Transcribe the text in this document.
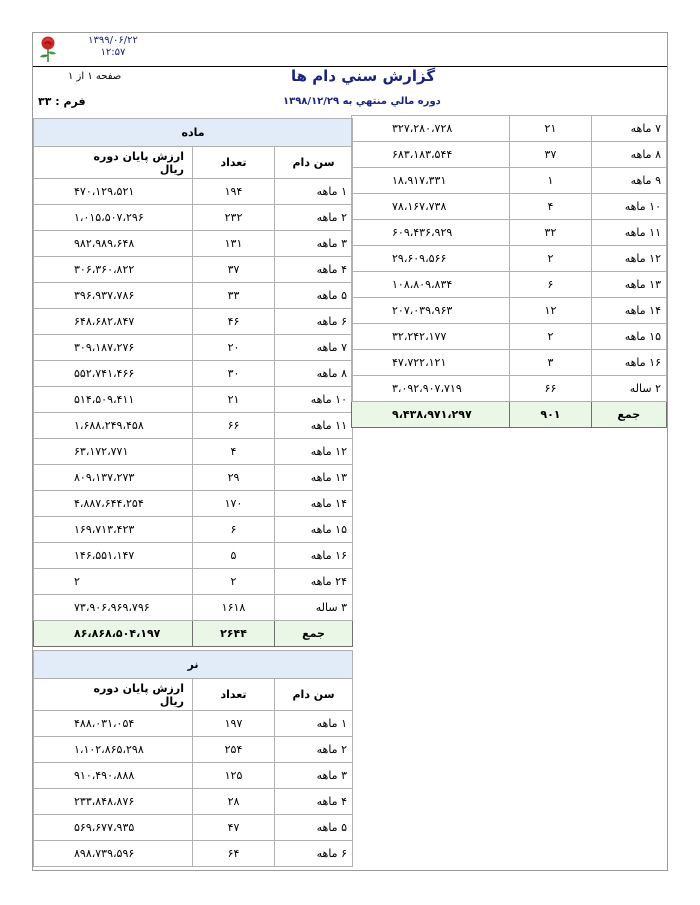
۱۳۹۹/۰۶/۲۲
۱۲:۵۷
صفحه ۱ از ۱	گزارش سني دام ها
دوره مالي منتهي به ۱۳۹۸/۱۲/۲۹
فرم : ۳۳
ماده		

ارزش پايان دوره
ريال	تعداد	سن دام
۴۷۰،۱۲۹،۵۲۱	۱۹۴	۱ ماهه
۱،۰۱۵،۵۰۷،۲۹۶	۲۳۲	۲ ماهه
۹۸۲،۹۸۹،۶۴۸	۱۳۱	۳ ماهه
۳۰۶،۳۶۰،۸۲۲	۳۷	۴ ماهه
۳۹۶،۹۳۷،۷۸۶	۳۳	۵ ماهه
۶۴۸،۶۸۲،۸۴۷	۴۶	۶ ماهه
۳۰۹،۱۸۷،۲۷۶	۲۰	۷ ماهه
۵۵۲،۷۴۱،۴۶۶	۳۰	۸ ماهه
۵۱۴،۵۰۹،۴۱۱	۲۱	۱۰ ماهه
۱،۶۸۸،۲۴۹،۴۵۸	۶۶	۱۱ ماهه
۶۳،۱۷۲،۷۷۱	۴	۱۲ ماهه
۸۰۹،۱۳۷،۲۷۳	۲۹	۱۳ ماهه
۴،۸۸۷،۶۴۴،۲۵۴	۱۷۰	۱۴ ماهه
۱۶۹،۷۱۳،۴۲۳	۶	۱۵ ماهه
۱۴۶،۵۵۱،۱۴۷	۵	۱۶ ماهه
۲	۲	۲۴ ماهه
۷۳،۹۰۶،۹۶۹،۷۹۶	۱۶۱۸	۳ ساله
۸۶،۸۶۸،۵۰۴،۱۹۷	۲۶۴۴	جمع
نر		

ارزش پايان دوره
ريال	تعداد	سن دام
۴۸۸،۰۳۱،۰۵۴	۱۹۷	۱ ماهه
۱،۱۰۲،۸۶۵،۲۹۸	۲۵۴	۲ ماهه
۹۱۰،۴۹۰،۸۸۸	۱۲۵	۳ ماهه
۲۳۳،۸۴۸،۸۷۶	۲۸	۴ ماهه
۵۶۹،۶۷۷،۹۳۵	۴۷	۵ ماهه
۸۹۸،۷۳۹،۵۹۶	۶۴	۶ ماهه
۳۲۷،۲۸۰،۷۲۸	۲۱	۷ ماهه
۶۸۳،۱۸۳،۵۴۴	۳۷	۸ ماهه
۱۸،۹۱۷،۳۳۱	۱	۹ ماهه
۷۸،۱۶۷،۷۳۸	۴	۱۰ ماهه
۶۰۹،۴۳۶،۹۲۹	۳۲	۱۱ ماهه
۲۹،۶۰۹،۵۶۶	۲	۱۲ ماهه
۱۰۸،۸۰۹،۸۳۴	۶	۱۳ ماهه
۲۰۷،۰۳۹،۹۶۳	۱۲	۱۴ ماهه
۳۲،۲۴۲،۱۷۷	۲	۱۵ ماهه
۴۷،۷۲۲،۱۲۱	۳	۱۶ ماهه
۳،۰۹۲،۹۰۷،۷۱۹	۶۶	۲ ساله
۹،۴۳۸،۹۷۱،۲۹۷	۹۰۱	جمع
